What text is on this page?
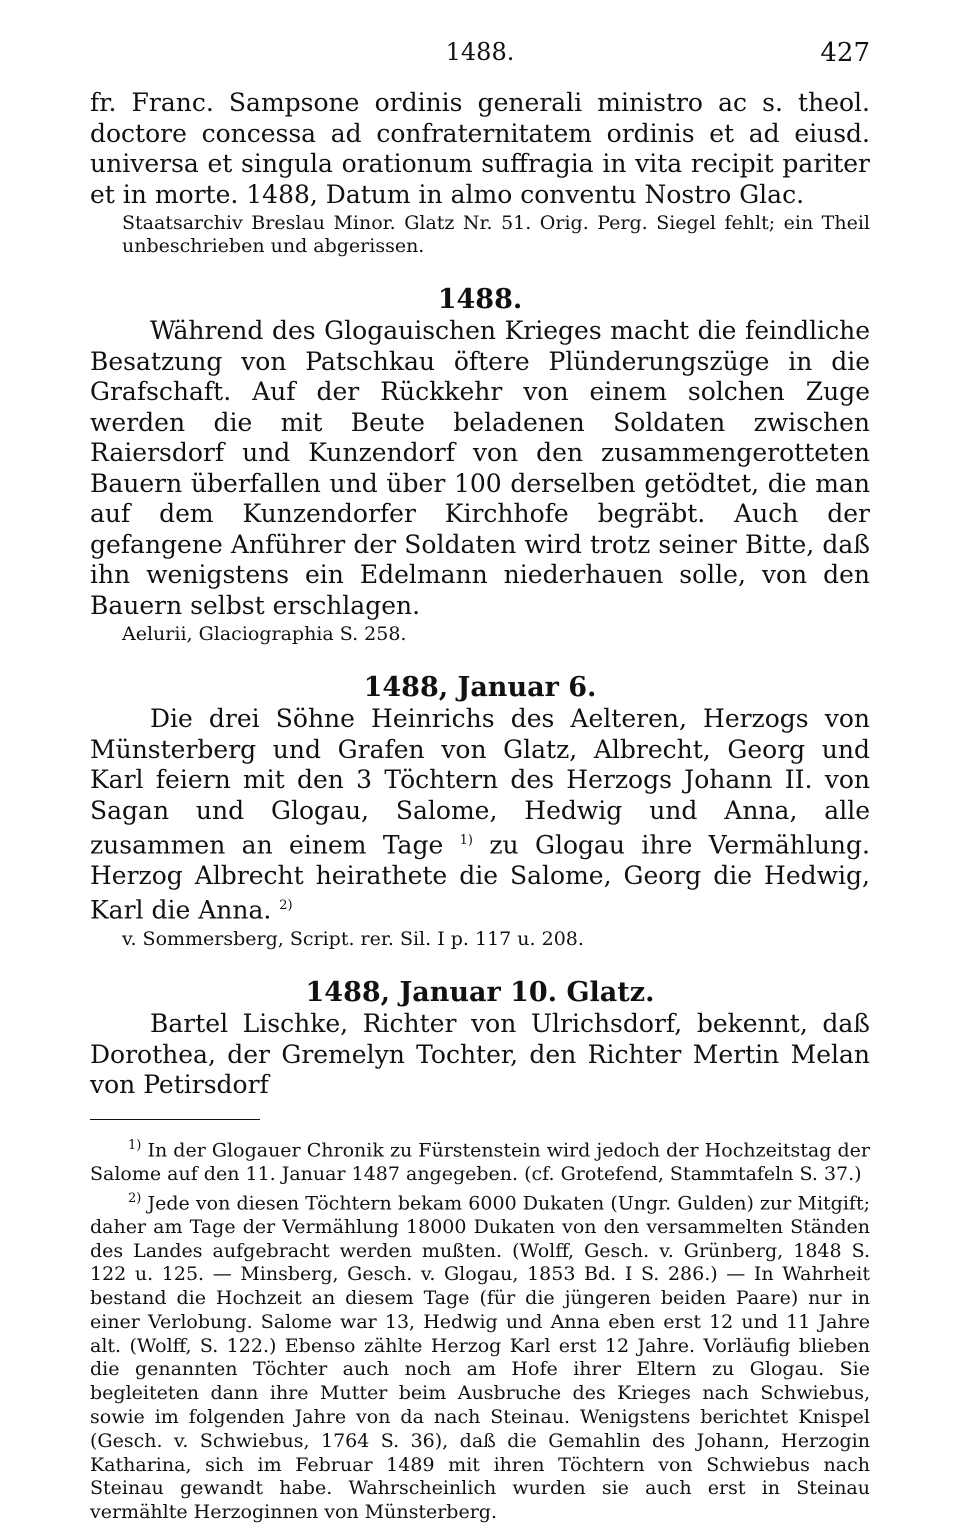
1488.	427

fr. Franc. Sampsone ordinis generali ministro ac s. theol. doctore concessa ad confraternitatem ordinis et ad eiusd. universa et singula orationum suffragia in vita recipit pariter et in morte. 1488, Datum in almo conventu Nostro Glac.

Staatsarchiv Breslau Minor. Glatz Nr. 51. Orig. Perg. Siegel fehlt; ein Theil unbeschrieben und abgerissen.

1488.

Während des Glogauischen Krieges macht die feindliche Besatzung von Patschkau öftere Plünderungszüge in die Grafschaft. Auf der Rückkehr von einem solchen Zuge werden die mit Beute beladenen Soldaten zwischen Raiersdorf und Kunzendorf von den zusammengerotteten Bauern überfallen und über 100 derselben getödtet, die man auf dem Kunzendorfer Kirchhofe begräbt. Auch der gefangene Anführer der Soldaten wird trotz seiner Bitte, daß ihn wenigstens ein Edelmann niederhauen solle, von den Bauern selbst erschlagen.

Aelurii, Glaciographia S. 258.

1488, Januar 6.

Die drei Söhne Heinrichs des Aelteren, Herzogs von Münsterberg und Grafen von Glatz, Albrecht, Georg und Karl feiern mit den 3 Töchtern des Herzogs Johann II. von Sagan und Glogau, Salome, Hedwig und Anna, alle zusammen an einem Tage $^{1)}$ zu Glogau ihre Vermählung. Herzog Albrecht heirathete die Salome, Georg die Hedwig, Karl die Anna. $^{2)}$

v. Sommersberg, Script. rer. Sil. I p. 117 u. 208.

1488, Januar 10. Glatz.

Bartel Lischke, Richter von Ulrichsdorf, bekennt, daß Dorothea, der Gremelyn Tochter, den Richter Mertin Melan von Petirsdorf

$^{1)}$ In der Glogauer Chronik zu Fürstenstein wird jedoch der Hochzeitstag der Salome auf den 11. Januar 1487 angegeben. (cf. Grotefend, Stammtafeln S. 37.)

$^{2)}$ Jede von diesen Töchtern bekam 6000 Dukaten (Ungr. Gulden) zur Mitgift; daher am Tage der Vermählung 18000 Dukaten von den versammelten Ständen des Landes aufgebracht werden mußten. (Wolff, Gesch. v. Grünberg, 1848 S. 122 u. 125. — Minsberg, Gesch. v. Glogau, 1853 Bd. I S. 286.) — In Wahrheit bestand die Hochzeit an diesem Tage (für die jüngeren beiden Paare) nur in einer Verlobung. Salome war 13, Hedwig und Anna eben erst 12 und 11 Jahre alt. (Wolff, S. 122.) Ebenso zählte Herzog Karl erst 12 Jahre. Vorläufig blieben die genannten Töchter auch noch am Hofe ihrer Eltern zu Glogau. Sie begleiteten dann ihre Mutter beim Ausbruche des Krieges nach Schwiebus, sowie im folgenden Jahre von da nach Steinau. Wenigstens berichtet Knispel (Gesch. v. Schwiebus, 1764 S. 36), daß die Gemahlin des Johann, Herzogin Katharina, sich im Februar 1489 mit ihren Töchtern von Schwiebus nach Steinau gewandt habe. Wahrscheinlich wurden sie auch erst in Steinau vermählte Herzoginnen von Münsterberg.
